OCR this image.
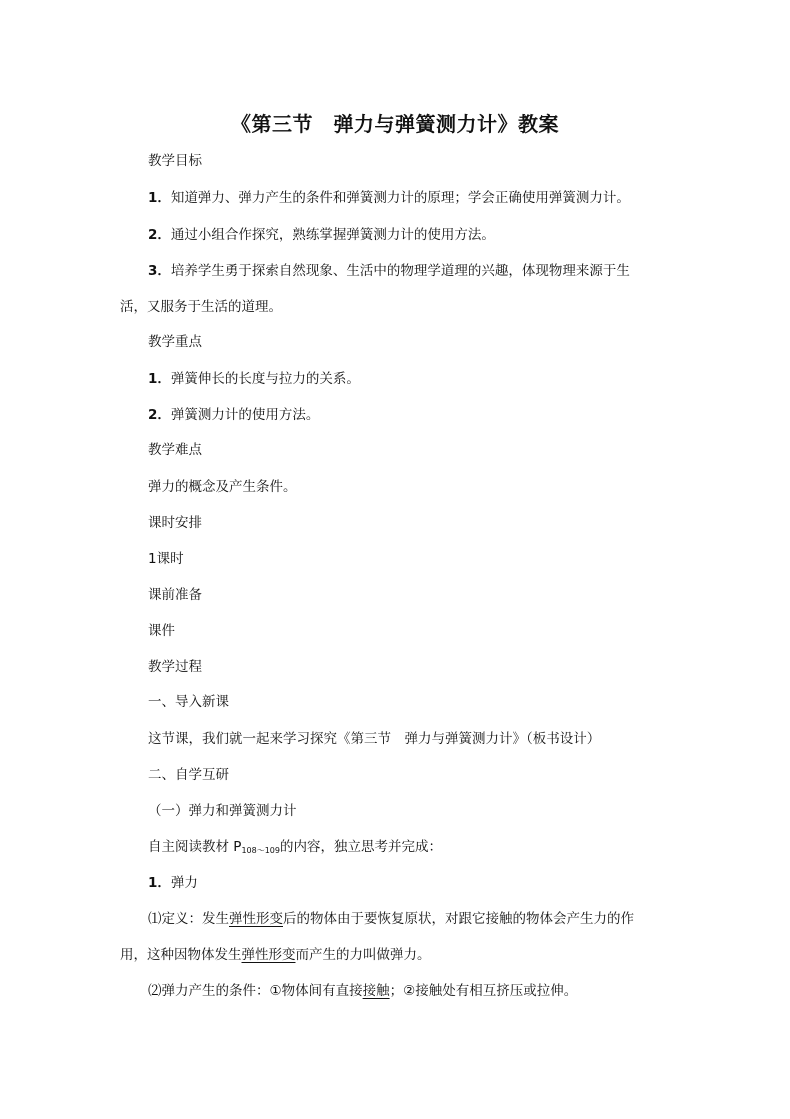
《第三节　弹力与弹簧测力计》教案
教学目标
1．知道弹力、弹力产生的条件和弹簧测力计的原理；学会正确使用弹簧测力计。
2．通过小组合作探究，熟练掌握弹簧测力计的使用方法。
3．培养学生勇于探索自然现象、生活中的物理学道理的兴趣，体现物理来源于生
活，又服务于生活的道理。
教学重点
1．弹簧伸长的长度与拉力的关系。
2．弹簧测力计的使用方法。
教学难点
弹力的概念及产生条件。
课时安排
1课时
课前准备
课件
教学过程
一、导入新课
这节课，我们就一起来学习探究《第三节　弹力与弹簧测力计》（板书设计）
二、自学互研
（一）弹力和弹簧测力计
自主阅读教材 $P_{108\sim 109}$的内容，独立思考并完成：
1．弹力
⑴定义：发生弹性形变后的物体由于要恢复原状，对跟它接触的物体会产生力的作
用，这种因物体发生弹性形变而产生的力叫做弹力。
⑵弹力产生的条件：①物体间有直接接触；②接触处有相互挤压或拉伸。
